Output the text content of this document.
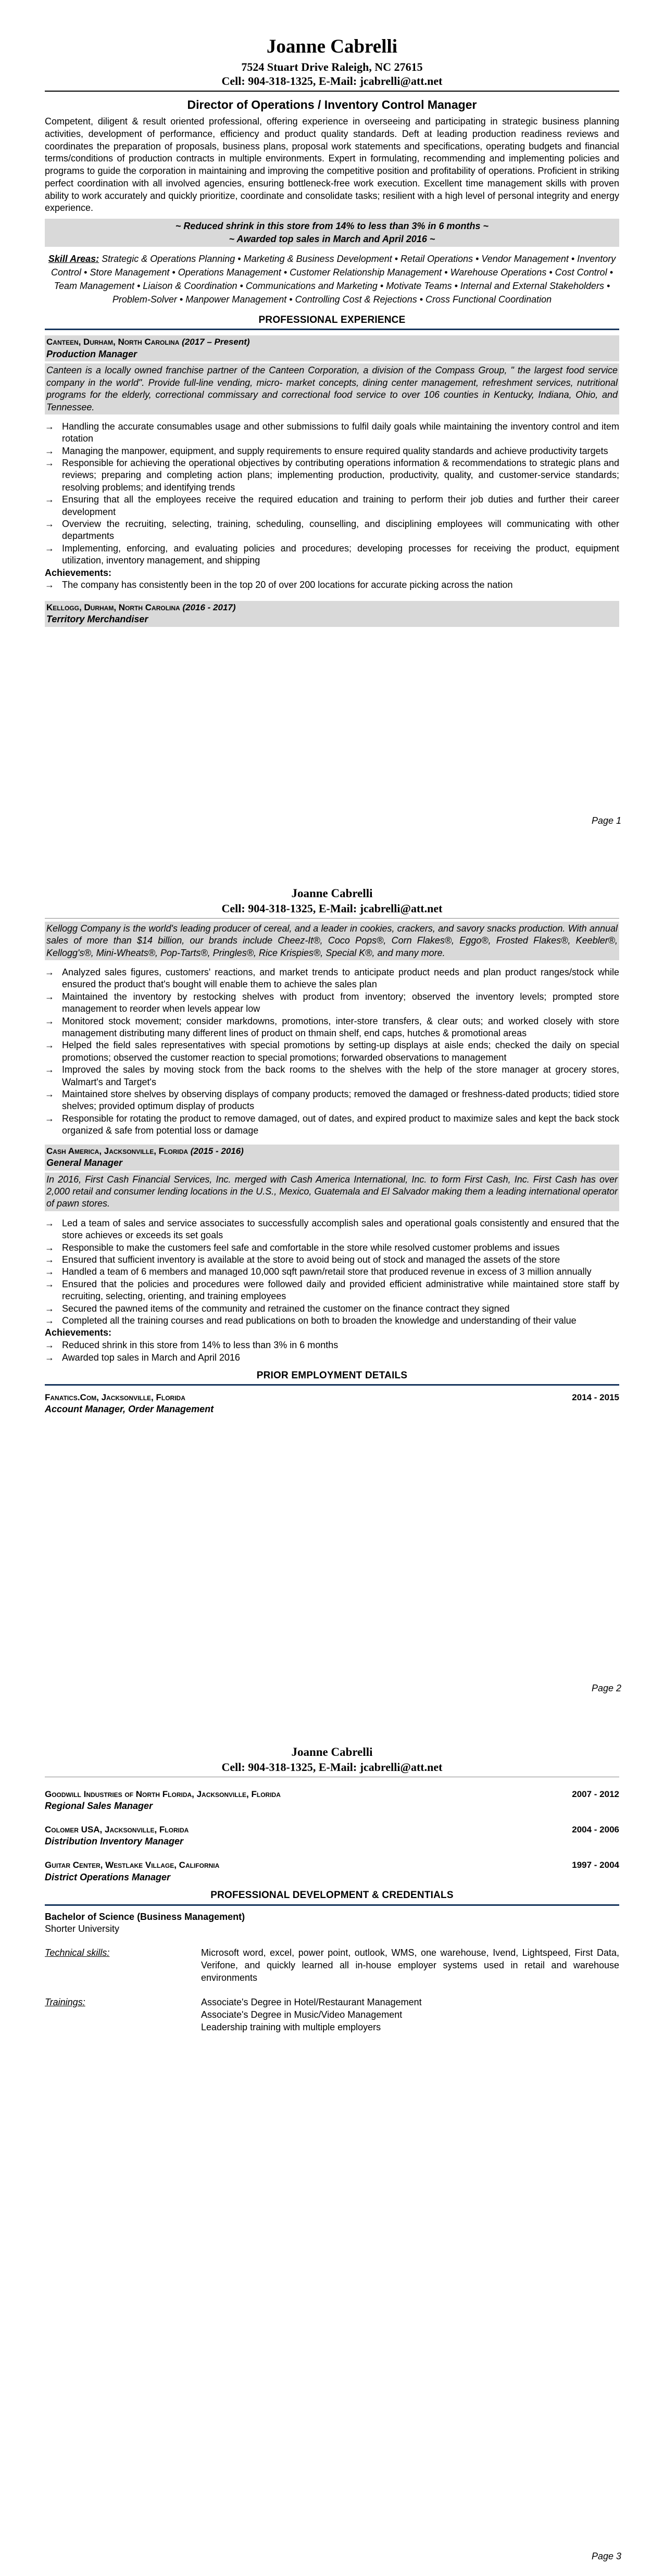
Joanne Cabrelli
7524 Stuart Drive Raleigh, NC 27615
Cell: 904-318-1325, E-Mail: jcabrelli@att.net
Director of Operations / Inventory Control Manager

Competent, diligent & result oriented professional, offering experience in overseeing and participating in strategic business planning activities, development of performance, efficiency and product quality standards. Deft at leading production readiness reviews and coordinates the preparation of proposals, business plans, proposal work statements and specifications, operating budgets and financial terms/conditions of production contracts in multiple environments. Expert in formulating, recommending and implementing policies and programs to guide the corporation in maintaining and improving the competitive position and profitability of operations. Proficient in striking perfect coordination with all involved agencies, ensuring bottleneck-free work execution. Excellent time management skills with proven ability to work accurately and quickly prioritize, coordinate and consolidate tasks; resilient with a high level of personal integrity and energy experience.

~ Reduced shrink in this store from 14% to less than 3% in 6 months ~
~ Awarded top sales in March and April 2016 ~

Skill Areas: Strategic & Operations Planning • Marketing & Business Development • Retail Operations • Vendor Management • Inventory Control • Store Management • Operations Management • Customer Relationship Management • Warehouse Operations • Cost Control • Team Management • Liaison & Coordination • Communications and Marketing • Motivate Teams • Internal and External Stakeholders • Problem-Solver • Manpower Management • Controlling Cost & Rejections • Cross Functional Coordination

PROFESSIONAL EXPERIENCE
Canteen, Durham, North Carolina (2017 – Present)
Production Manager
Canteen is a locally owned franchise partner of the Canteen Corporation, a division of the Compass Group, " the largest food service company in the world". Provide full-line vending, micro- market concepts, dining center management, refreshment services, nutritional programs for the elderly, correctional commissary and correctional food service to over 106 counties in Kentucky, Indiana, Ohio, and Tennessee.
→ Handling the accurate consumables usage and other submissions to fulfil daily goals while maintaining the inventory control and item rotation
→ Managing the manpower, equipment, and supply requirements to ensure required quality standards and achieve productivity targets
→ Responsible for achieving the operational objectives by contributing operations information & recommendations to strategic plans and reviews; preparing and completing action plans; implementing production, productivity, quality, and customer-service standards; resolving problems; and identifying trends
→ Ensuring that all the employees receive the required education and training to perform their job duties and further their career development
→ Overview the recruiting, selecting, training, scheduling, counselling, and disciplining employees will communicating with other departments
→ Implementing, enforcing, and evaluating policies and procedures; developing processes for receiving the product, equipment utilization, inventory management, and shipping
Achievements:
→ The company has consistently been in the top 20 of over 200 locations for accurate picking across the nation
Kellogg, Durham, North Carolina (2016 - 2017)
Territory Merchandiser
Page 1
Joanne Cabrelli
Cell: 904-318-1325, E-Mail: jcabrelli@att.net
Kellogg Company is the world's leading producer of cereal, and a leader in cookies, crackers, and savory snacks production. With annual sales of more than $14 billion, our brands include Cheez-It®, Coco Pops®, Corn Flakes®, Eggo®, Frosted Flakes®, Keebler®, Kellogg's®, Mini-Wheats®, Pop-Tarts®, Pringles®, Rice Krispies®, Special K®, and many more.
→ Analyzed sales figures, customers' reactions, and market trends to anticipate product needs and plan product ranges/stock while ensured the product that's bought will enable them to achieve the sales plan
→ Maintained the inventory by restocking shelves with product from inventory; observed the inventory levels; prompted store management to reorder when levels appear low
→ Monitored stock movement; consider markdowns, promotions, inter-store transfers, & clear outs; and worked closely with store management distributing many different lines of product on thmain shelf, end caps, hutches & promotional areas
→ Helped the field sales representatives with special promotions by setting-up displays at aisle ends; checked the daily on special promotions; observed the customer reaction to special promotions; forwarded observations to management
→ Improved the sales by moving stock from the back rooms to the shelves with the help of the store manager at grocery stores, Walmart's and Target's
→ Maintained store shelves by observing displays of company products; removed the damaged or freshness-dated products; tidied store shelves; provided optimum display of products
→ Responsible for rotating the product to remove damaged, out of dates, and expired product to maximize sales and kept the back stock organized & safe from potential loss or damage
Cash America, Jacksonville, Florida (2015 - 2016)
General Manager
In 2016, First Cash Financial Services, Inc. merged with Cash America International, Inc. to form First Cash, Inc. First Cash has over 2,000 retail and consumer lending locations in the U.S., Mexico, Guatemala and El Salvador making them a leading international operator of pawn stores.
→ Led a team of sales and service associates to successfully accomplish sales and operational goals consistently and ensured that the store achieves or exceeds its set goals
→ Responsible to make the customers feel safe and comfortable in the store while resolved customer problems and issues
→ Ensured that sufficient inventory is available at the store to avoid being out of stock and managed the assets of the store
→ Handled a team of 6 members and managed 10,000 sqft pawn/retail store that produced revenue in excess of 3 million annually
→ Ensured that the policies and procedures were followed daily and provided efficient administrative while maintained store staff by recruiting, selecting, orienting, and training employees
→ Secured the pawned items of the community and retrained the customer on the finance contract they signed
→ Completed all the training courses and read publications on both to broaden the knowledge and understanding of their value
Achievements:
→ Reduced shrink in this store from 14% to less than 3% in 6 months
→ Awarded top sales in March and April 2016
PRIOR EMPLOYMENT DETAILS
Fanatics.Com, Jacksonville, Florida	2014 - 2015
Account Manager, Order Management
Page 2
Joanne Cabrelli
Cell: 904-318-1325, E-Mail: jcabrelli@att.net
Goodwill Industries of North Florida, Jacksonville, Florida	2007 - 2012
Regional Sales Manager
Colomer USA, Jacksonville, Florida	2004 - 2006
Distribution Inventory Manager
Guitar Center, Westlake Village, California	1997 - 2004
District Operations Manager
PROFESSIONAL DEVELOPMENT & CREDENTIALS
Bachelor of Science (Business Management)
Shorter University
Technical skills:	Microsoft word, excel, power point, outlook, WMS, one warehouse, Ivend, Lightspeed, First Data, Verifone, and quickly learned all in-house employer systems used in retail and warehouse environments
Trainings:	Associate's Degree in Hotel/Restaurant Management
Associate's Degree in Music/Video Management
Leadership training with multiple employers
Page 3
